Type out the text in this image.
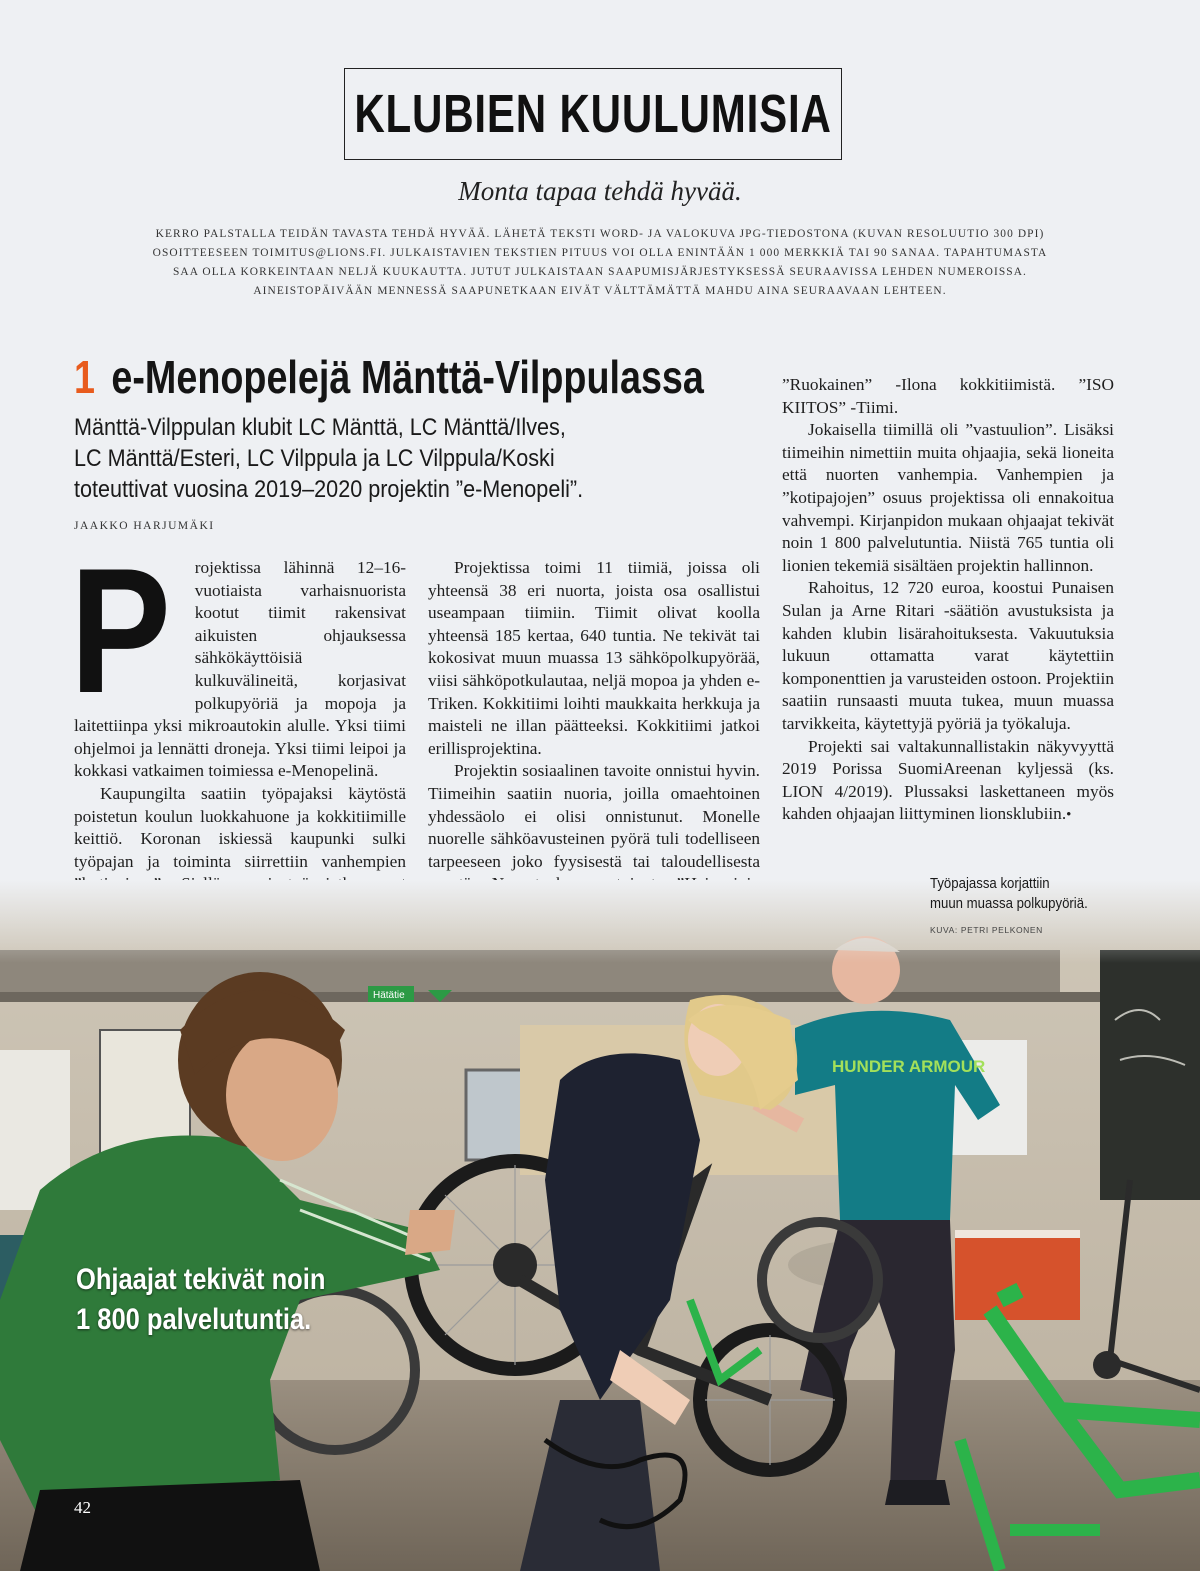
KLUBIEN KUULUMISIA
Monta tapaa tehdä hyvää.
KERRO PALSTALLA TEIDÄN TAVASTA TEHDÄ HYVÄÄ. LÄHETÄ TEKSTI WORD- JA VALOKUVA JPG-TIEDOSTONA (KUVAN RESOLUUTIO 300 DPI)
OSOITTEESEEN TOIMITUS@LIONS.FI. JULKAISTAVIEN TEKSTIEN PITUUS VOI OLLA ENINTÄÄN 1 000 MERKKIÄ TAI 90 SANAA. TAPAHTUMASTA
SAA OLLA KORKEINTAAN NELJÄ KUUKAUTTA. JUTUT JULKAISTAAN SAAPUMISJÄRJESTYKSESSÄ SEURAAVISSA LEHDEN NUMEROISSA.
AINEISTOPÄIVÄÄN MENNESSÄ SAAPUNETKAAN EIVÄT VÄLTTÄMÄTTÄ MAHDU AINA SEURAAVAAN LEHTEEN.
1 e-Menopelejä Mänttä-Vilppulassa
Mänttä-Vilppulan klubit LC Mänttä, LC Mänttä/Ilves,
LC Mänttä/Esteri, LC Vilppula ja LC Vilppula/Koski
toteuttivat vuosina 2019–2020 projektin ”e-Menopeli”.
JAAKKO HARJUMÄKI
P	rojektissa lähinnä 12–16-vuotiaista varhaisnuorista kootut tiimit rakensivat aikuisten ohjauksessa sähkökäyttöisiä kulkuvälineitä, korjasivat polkupyöriä ja mopoja ja laitettiinpa yksi mikroautokin alulle. Yksi tiimi ohjelmoi ja lennätti droneja. Yksi tiimi leipoi ja kokkasi vatkaimen toimiessa e-Menopelinä.

Kaupungilta saatiin työpajaksi käytöstä poistetun koulun luokkahuone ja kokkitiimille keittiö. Koronan iskiessä kaupunki sulki työpajan ja toiminta siirrettiin vanhempien

Projektissa toimi 11 tiimiä, joissa oli yhteensä 38 eri nuorta, joista osa osallistui useampaan tiimiin. Tiimit olivat koolla yhteensä 185 kertaa, 640 tuntia. Ne tekivät tai kokosivat muun muassa 13 sähköpolkupyörää, viisi sähköpotkulautaa, neljä mopoa ja yhden e-Triken. Kokkitiimi loihti maukkaita herkkuja ja maisteli ne illan päätteeksi. Kokkitiimi jatkoi erillisprojektina.

Projektin sosiaalinen tavoite onnistui hyvin. Tiimeihin saatiin nuoria, joilla omaehtoinen yhdessäolo ei olisi onnistunut. Monelle nuorelle sähköavusteinen pyörä tuli todelliseen tarpeeseen joko fyysisestä tai taloudellisesta

”Ruokainen” -Ilona kokkitiimistä. ”ISO KIITOS” -Tiimi.

Jokaisella tiimillä oli ”vastuulion”. Lisäksi tiimeihin nimettiin muita ohjaajia, sekä lioneita että nuorten vanhempia. Vanhempien ja ”kotipajojen” osuus projektissa oli ennakoitua vahvempi. Kirjanpidon mukaan ohjaajat tekivät noin 1 800 palvelutuntia. Niistä 765 tuntia oli lionien tekemiä sisältäen projektin hallinnon.

Rahoitus, 12 720 euroa, koostui Punaisen Sulan ja Arne Ritari -säätiön avustuksista ja kahden klubin lisärahoituksesta. Vakuutuksia lukuun ottamatta varat käytettiin komponenttien ja varusteiden ostoon. Projektiin saatiin runsaasti muuta tukea, muun muassa tarvikkeita, käytettyjä pyöriä ja työkaluja.

Projekti sai valtakunnallistakin näkyvyyttä 2019 Porissa SuomiAreenan kyljessä (ks. LION 4/2019). Plussaksi laskettaneen myös kahden ohjaajan liittyminen lionsklubiin.•

Työpajassa korjattiin
muun muassa polkupyöriä.
KUVA: PETRI PELKONEN
Ohjaajat tekivät noin
1 800 palvelutuntia.
42
